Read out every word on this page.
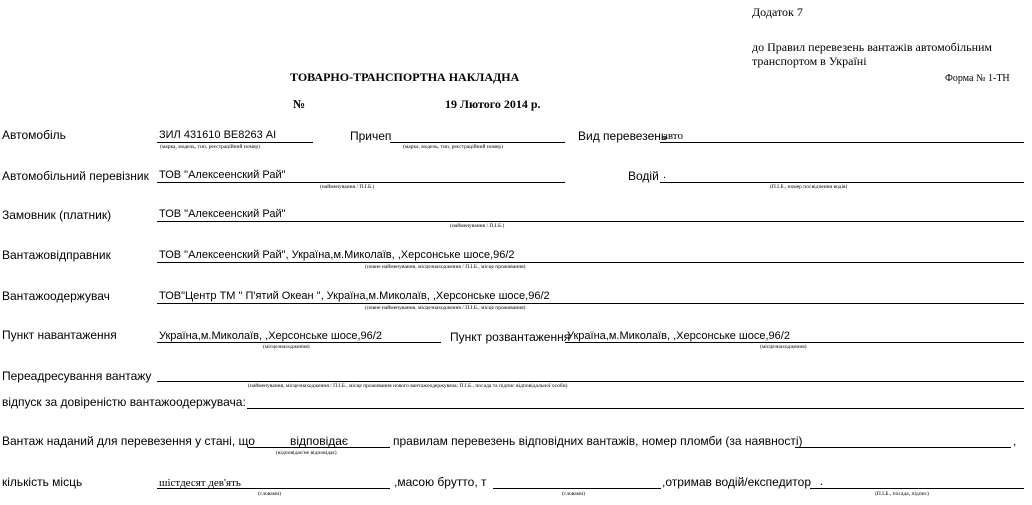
Додаток 7
до Правил перевезень вантажів автомобільним
транспортом в Україні
Форма № 1-ТН
ТОВАРНО-ТРАНСПОРТНА НАКЛАДНА
№	19 Лютого 2014 р.
Автомобіль	ЗИЛ 431610 ВЕ8263 АІ
(марка, модель, тип, реєстраційний номер)
Причеп
(марка, модель, тип, реєстраційний номер)
Вид перевезень
авто
Автомобільний перевізник ТОВ "Алексеенский Рай"
(найменування / П.І.Б.)
Водій .
(П.І.Б., номер посвідчення водія)
Замовник (платник)	ТОВ "Алексеенский Рай"
(найменування / П.І.Б.)
Вантажовідправник	ТОВ "Алексеенский Рай", Україна,м.Миколаїв, ,Херсонське шосе,96/2
(повне найменування, місцезнаходження / П.І.Б., місце проживання)
Вантажоодержувач	ТОВ"Центр ТМ " П'ятий Океан ", Україна,м.Миколаїв, ,Херсонське шосе,96/2
(повне найменування, місцезнаходження / П.І.Б., місце проживання)
Пункт навантаження	Україна,м.Миколаїв, ,Херсонське шосе,96/2
(місцезнаходження)
Пункт розвантаження
Україна,м.Миколаїв, ,Херсонське шосе,96/2
(місцезнаходження)
Переадресування вантажу
(найменування, місцезнаходження / П.І.Б., місце проживання нового вантажоодержувача; П.І.Б., посада та підпис відповідальної особи)
відпуск за довіреністю вантажоодержувача:
Вантаж наданий для перевезення у стані, що	відповідає
(відповідає/не відповідає)
правилам перевезень відповідних вантажів, номер пломби (за наявності)	,
кількість місць	шістдесят дев'ять
(словами)
,масою брутто, т
(словами)
,отримав водій/експедитор .
(П.І.Б., посада, підпис)
